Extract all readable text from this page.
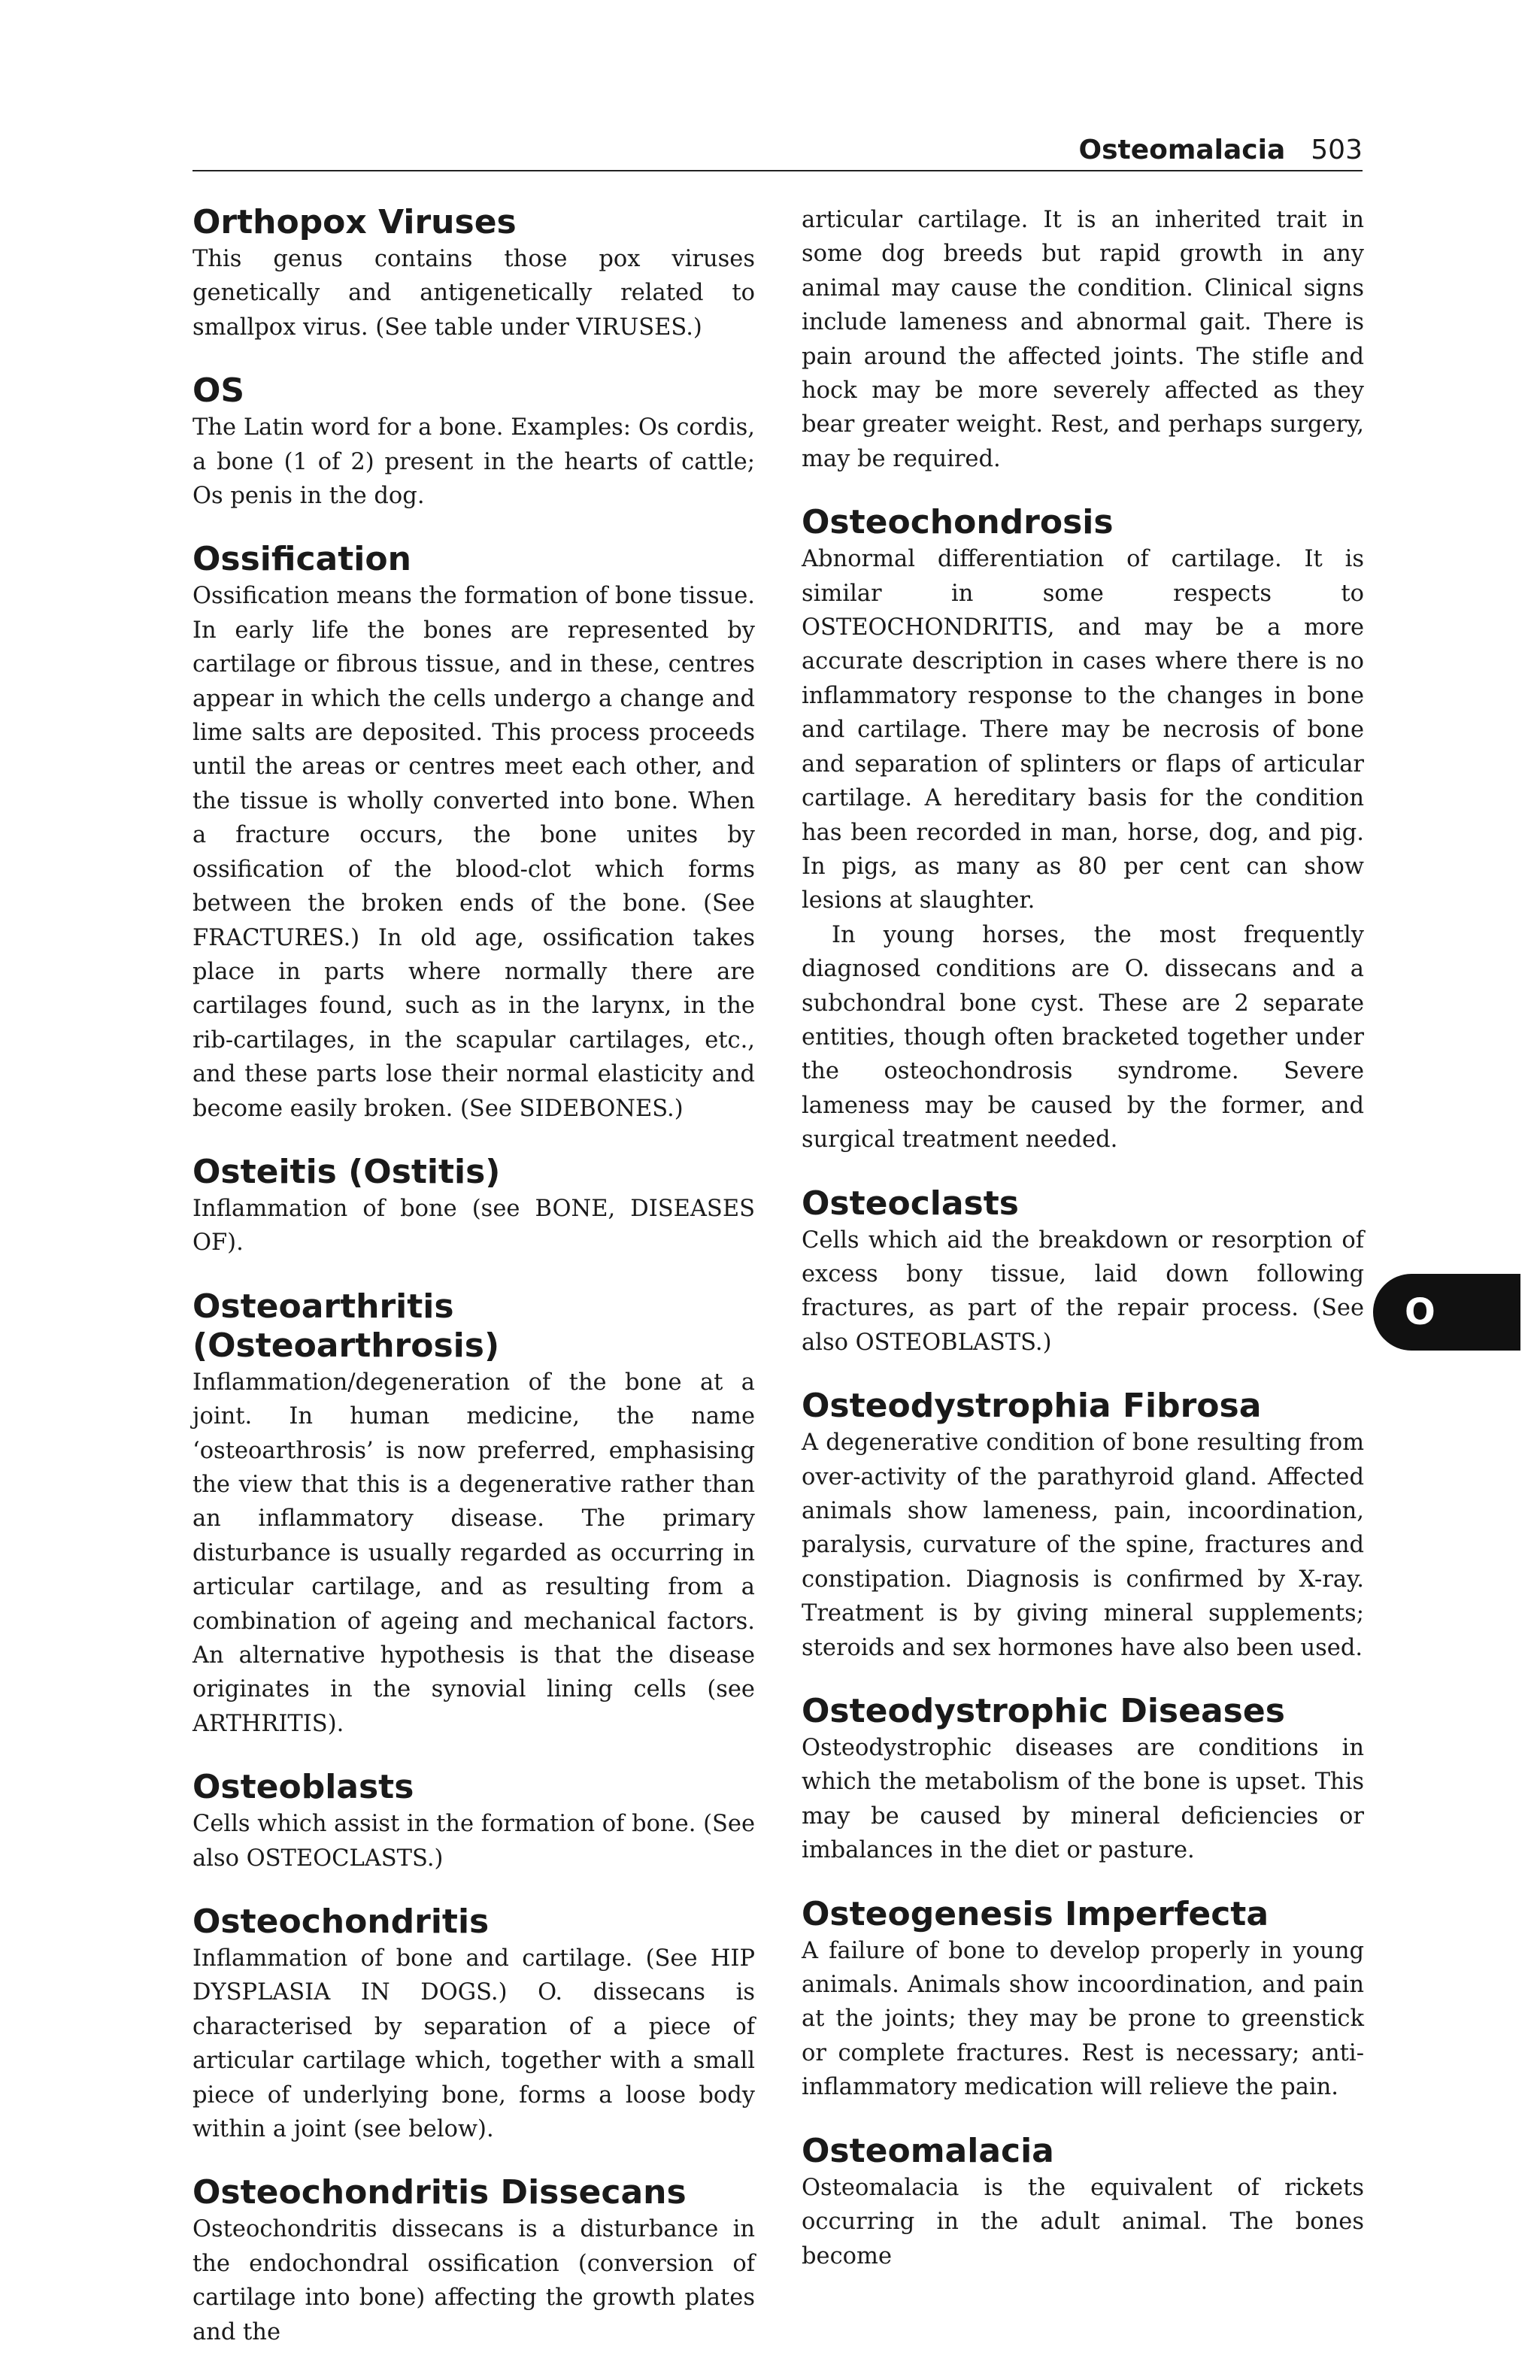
Osteomalacia 503
Orthopox Viruses

This genus contains those pox viruses genetically and antigenetically related to smallpox virus. (See table under VIRUSES.)

OS

The Latin word for a bone. Examples: Os cordis, a bone (1 of 2) present in the hearts of cattle; Os penis in the dog.

Ossification

Ossification means the formation of bone tissue. In early life the bones are represented by cartilage or fibrous tissue, and in these, centres appear in which the cells undergo a change and lime salts are deposited. This process proceeds until the areas or centres meet each other, and the tissue is wholly converted into bone. When a fracture occurs, the bone unites by ossification of the blood-clot which forms between the broken ends of the bone. (See FRACTURES.) In old age, ossification takes place in parts where normally there are cartilages found, such as in the larynx, in the rib-cartilages, in the scapular cartilages, etc., and these parts lose their normal elasticity and become easily broken. (See SIDEBONES.)

Osteitis (Ostitis)

Inflammation of bone (see BONE, DISEASES OF).

Osteoarthritis (Osteoarthrosis)

Inflammation/degeneration of the bone at a joint. In human medicine, the name ‘osteoarthrosis’ is now preferred, emphasising the view that this is a degenerative rather than an inflammatory disease. The primary disturbance is usually regarded as occurring in articular cartilage, and as resulting from a combination of ageing and mechanical factors. An alternative hypothesis is that the disease originates in the synovial lining cells (see ARTHRITIS).

Osteoblasts

Cells which assist in the formation of bone. (See also OSTEOCLASTS.)

Osteochondritis

Inflammation of bone and cartilage. (See HIP DYSPLASIA IN DOGS.) O. dissecans is characterised by separation of a piece of articular cartilage which, together with a small piece of underlying bone, forms a loose body within a joint (see below).

Osteochondritis Dissecans

Osteochondritis dissecans is a disturbance in the endochondral ossification (conversion of cartilage into bone) affecting the growth plates and the

articular cartilage. It is an inherited trait in some dog breeds but rapid growth in any animal may cause the condition. Clinical signs include lameness and abnormal gait. There is pain around the affected joints. The stifle and hock may be more severely affected as they bear greater weight. Rest, and perhaps surgery, may be required.

Osteochondrosis

Abnormal differentiation of cartilage. It is similar in some respects to OSTEOCHONDRITIS, and may be a more accurate description in cases where there is no inflammatory response to the changes in bone and cartilage. There may be necrosis of bone and separation of splinters or flaps of articular cartilage. A hereditary basis for the condition has been recorded in man, horse, dog, and pig. In pigs, as many as 80 per cent can show lesions at slaughter.

In young horses, the most frequently diagnosed conditions are O. dissecans and a subchondral bone cyst. These are 2 separate entities, though often bracketed together under the osteochondrosis syndrome. Severe lameness may be caused by the former, and surgical treatment needed.

Osteoclasts

Cells which aid the breakdown or resorption of excess bony tissue, laid down following fractures, as part of the repair process. (See also OSTEOBLASTS.)

Osteodystrophia Fibrosa

A degenerative condition of bone resulting from over-activity of the parathyroid gland. Affected animals show lameness, pain, incoordination, paralysis, curvature of the spine, fractures and constipation. Diagnosis is confirmed by X-ray. Treatment is by giving mineral supplements; steroids and sex hormones have also been used.

Osteodystrophic Diseases

Osteodystrophic diseases are conditions in which the metabolism of the bone is upset. This may be caused by mineral deficiencies or imbalances in the diet or pasture.

Osteogenesis Imperfecta

A failure of bone to develop properly in young animals. Animals show incoordination, and pain at the joints; they may be prone to greenstick or complete fractures. Rest is necessary; anti-inflammatory medication will relieve the pain.

Osteomalacia

Osteomalacia is the equivalent of rickets occurring in the adult animal. The bones become

O
